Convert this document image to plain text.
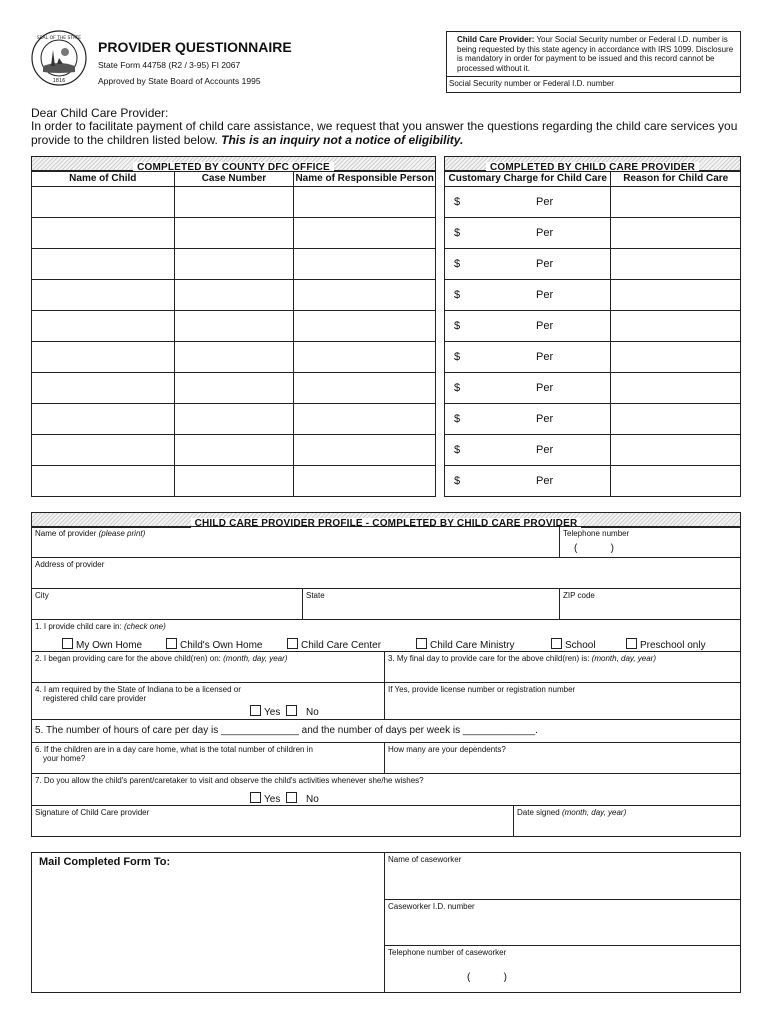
1816
SEAL OF THE STATE
PROVIDER QUESTIONNAIRE
State Form 44758 (R2 / 3-95) FI 2067
Approved by State Board of Accounts 1995
Child Care Provider: Your Social Security number or Federal I.D. number is being requested by this state agency in accordance with IRS 1099. Disclosure is mandatory in order for payment to be issued and this record cannot be processed without it.
Social Security number or Federal I.D. number
Dear Child Care Provider:
In order to facilitate payment of child care assistance, we request that you answer the questions regarding the child care services you provide to the children listed below. This is an inquiry not a notice of eligibility.
COMPLETED BY COUNTY DFC OFFICE
Name of Child	Case Number	Name of Responsible Person

COMPLETED BY CHILD CARE PROVIDER
Customary Charge for Child Care	Reason for Child Care

$ Per	

$ Per	

$ Per	

$ Per	

$ Per	

$ Per	

$ Per	

$ Per	

$ Per	

$ Per	

CHILD CARE PROVIDER PROFILE - COMPLETED BY CHILD CARE PROVIDER
Name of provider (please print)	Telephone number
(            )
Address of provider
City	State	ZIP code
1. I provide child care in: (check one)
My Own Home	Child's Own Home	Child Care Center	Child Care Ministry	School	Preschool only
2. I began providing care for the above child(ren) on: (month, day, year)	3. My final day to provide care for the above child(ren) is: (month, day, year)
4. I am required by the State of Indiana to be a licensed or
registered child care provider
Yes	No
If Yes, provide license number or registration number
5. The number of hours of care per day is ______________ and the number of days per week is _____________.
6. If the children are in a day care home, what is the total number of children in
your home?
How many are your dependents?
7. Do you allow the child's parent/caretaker to visit and observe the child's activities whenever she/he wishes?
Yes	No
Signature of Child Care provider	Date signed (month, day, year)
Mail Completed Form To:	Name of caseworker
Caseworker I.D. number
Telephone number of caseworker
(            )
